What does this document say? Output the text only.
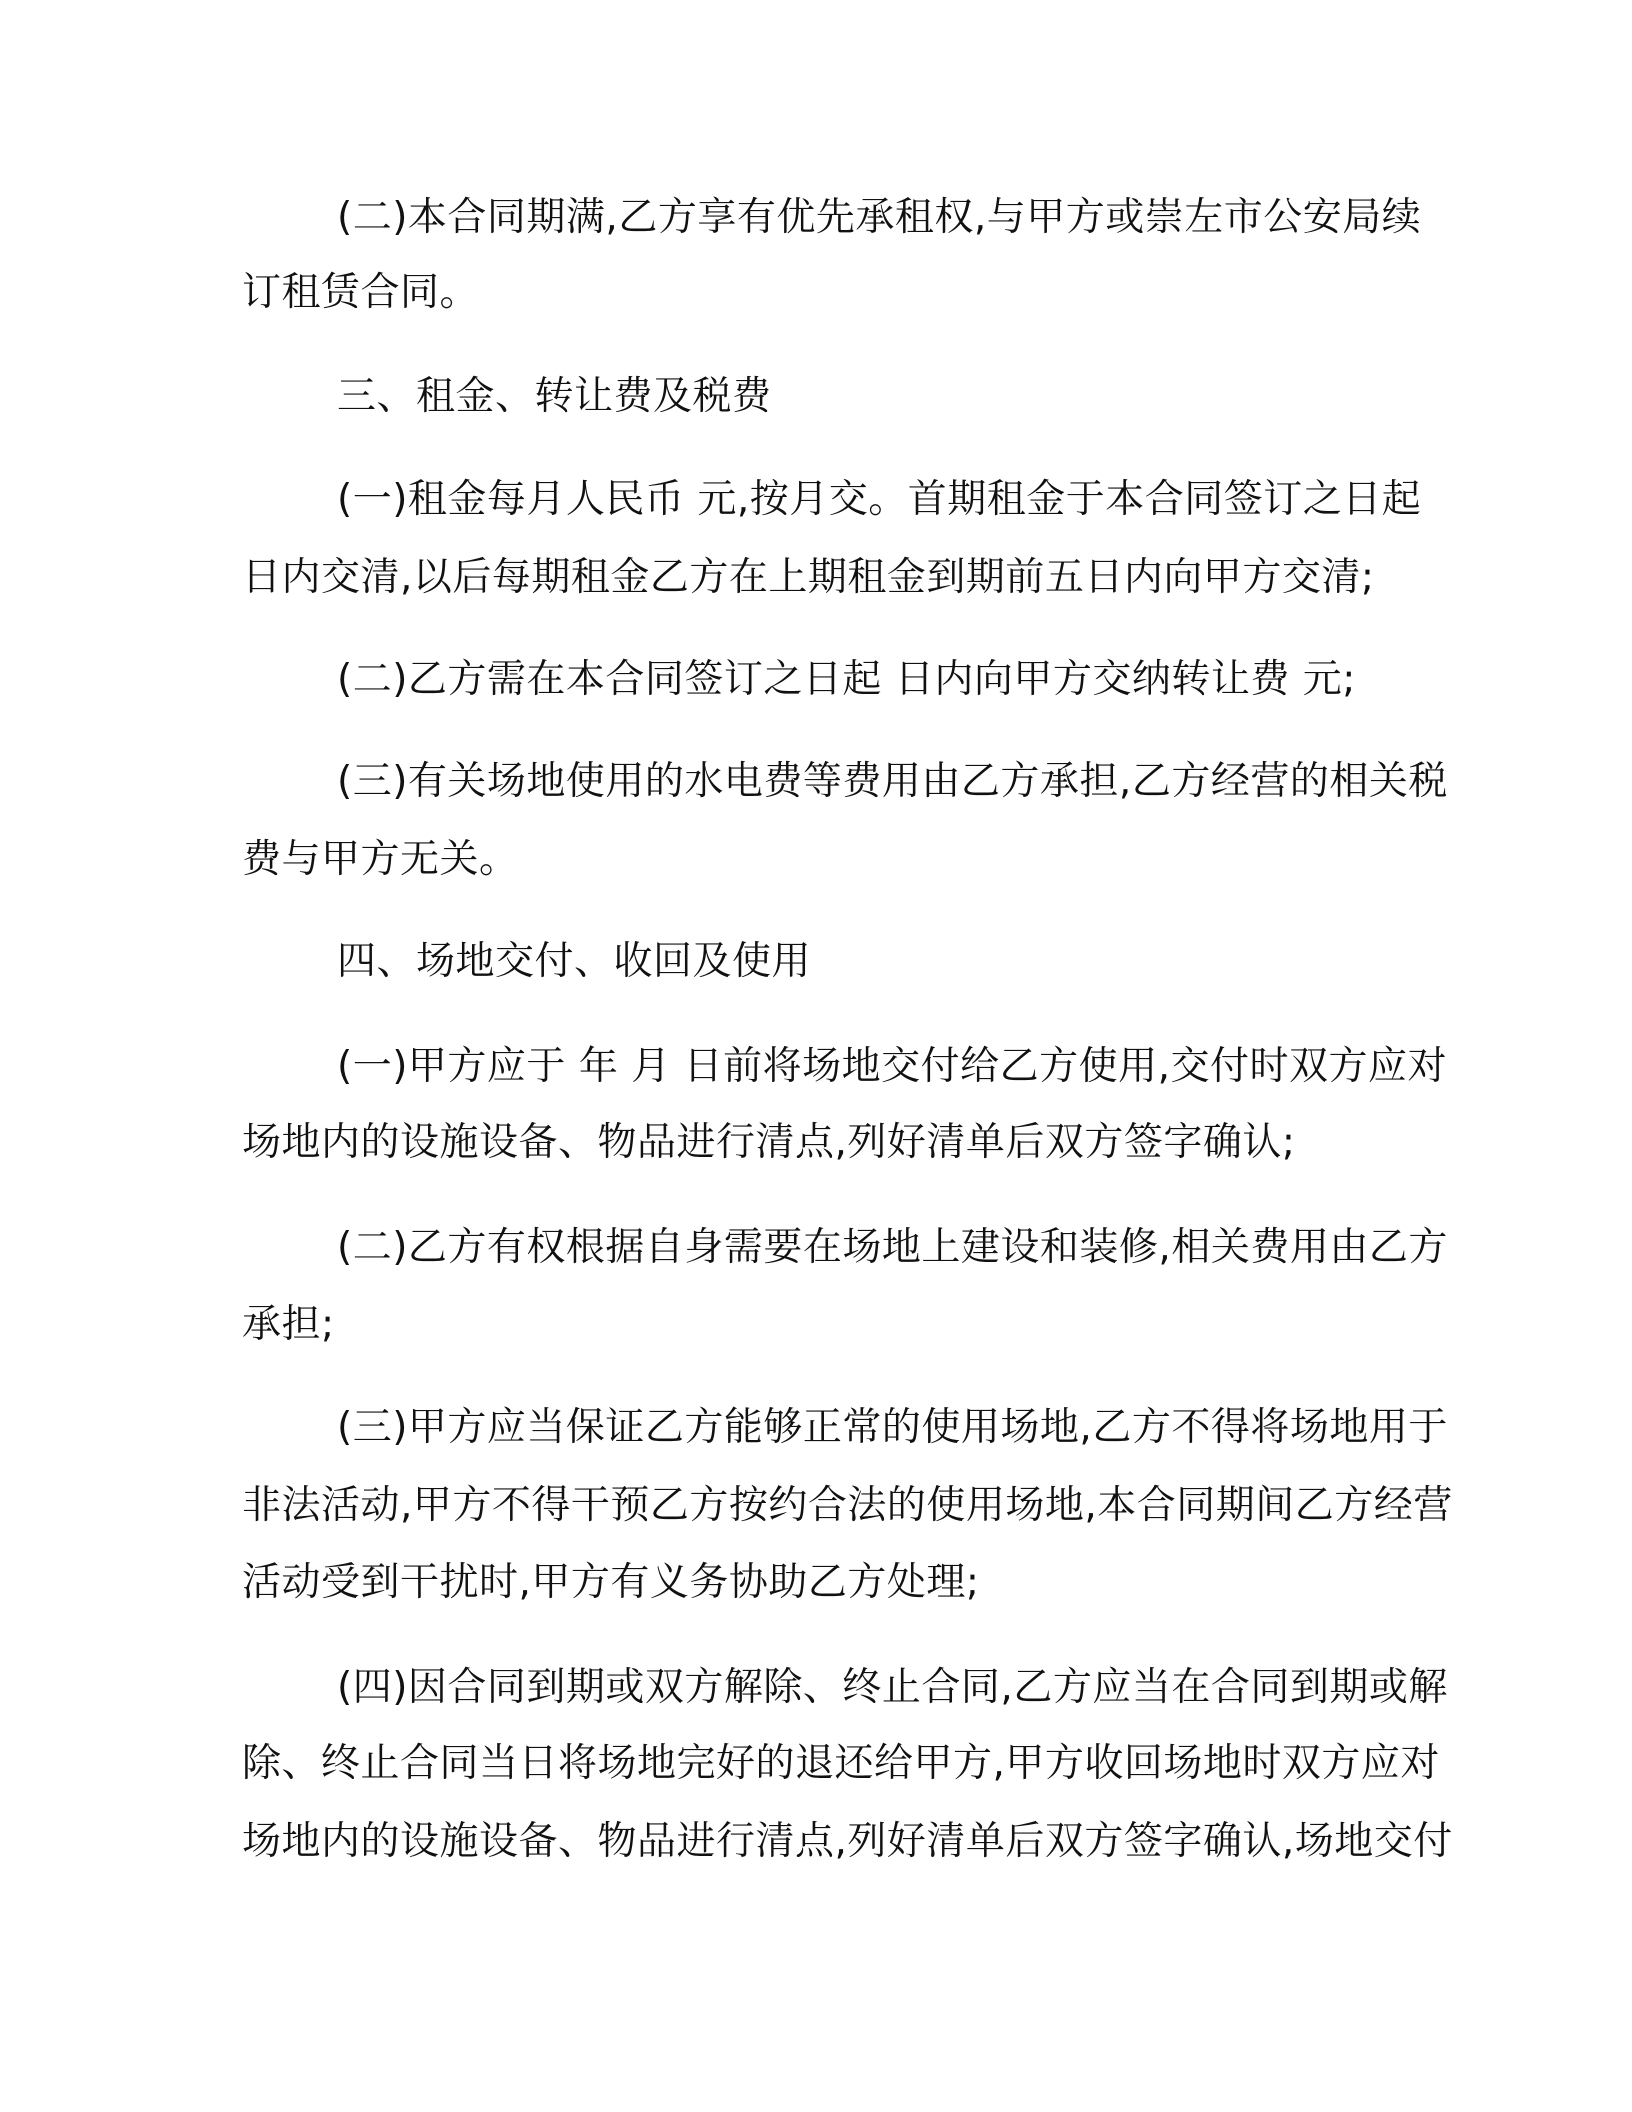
(二)本合同期满,乙方享有优先承租权,与甲方或崇左市公安局续
订租赁合同。
三、租金、转让费及税费
(一)租金每月人民币 元,按月交。首期租金于本合同签订之日起
日内交清,以后每期租金乙方在上期租金到期前五日内向甲方交清;
(二)乙方需在本合同签订之日起 日内向甲方交纳转让费 元;
(三)有关场地使用的水电费等费用由乙方承担,乙方经营的相关税
费与甲方无关。
四、场地交付、收回及使用
(一)甲方应于 年 月 日前将场地交付给乙方使用,交付时双方应对
场地内的设施设备、物品进行清点,列好清单后双方签字确认;
(二)乙方有权根据自身需要在场地上建设和装修,相关费用由乙方
承担;
(三)甲方应当保证乙方能够正常的使用场地,乙方不得将场地用于
非法活动,甲方不得干预乙方按约合法的使用场地,本合同期间乙方经营
活动受到干扰时,甲方有义务协助乙方处理;
(四)因合同到期或双方解除、终止合同,乙方应当在合同到期或解
除、终止合同当日将场地完好的退还给甲方,甲方收回场地时双方应对
场地内的设施设备、物品进行清点,列好清单后双方签字确认,场地交付
